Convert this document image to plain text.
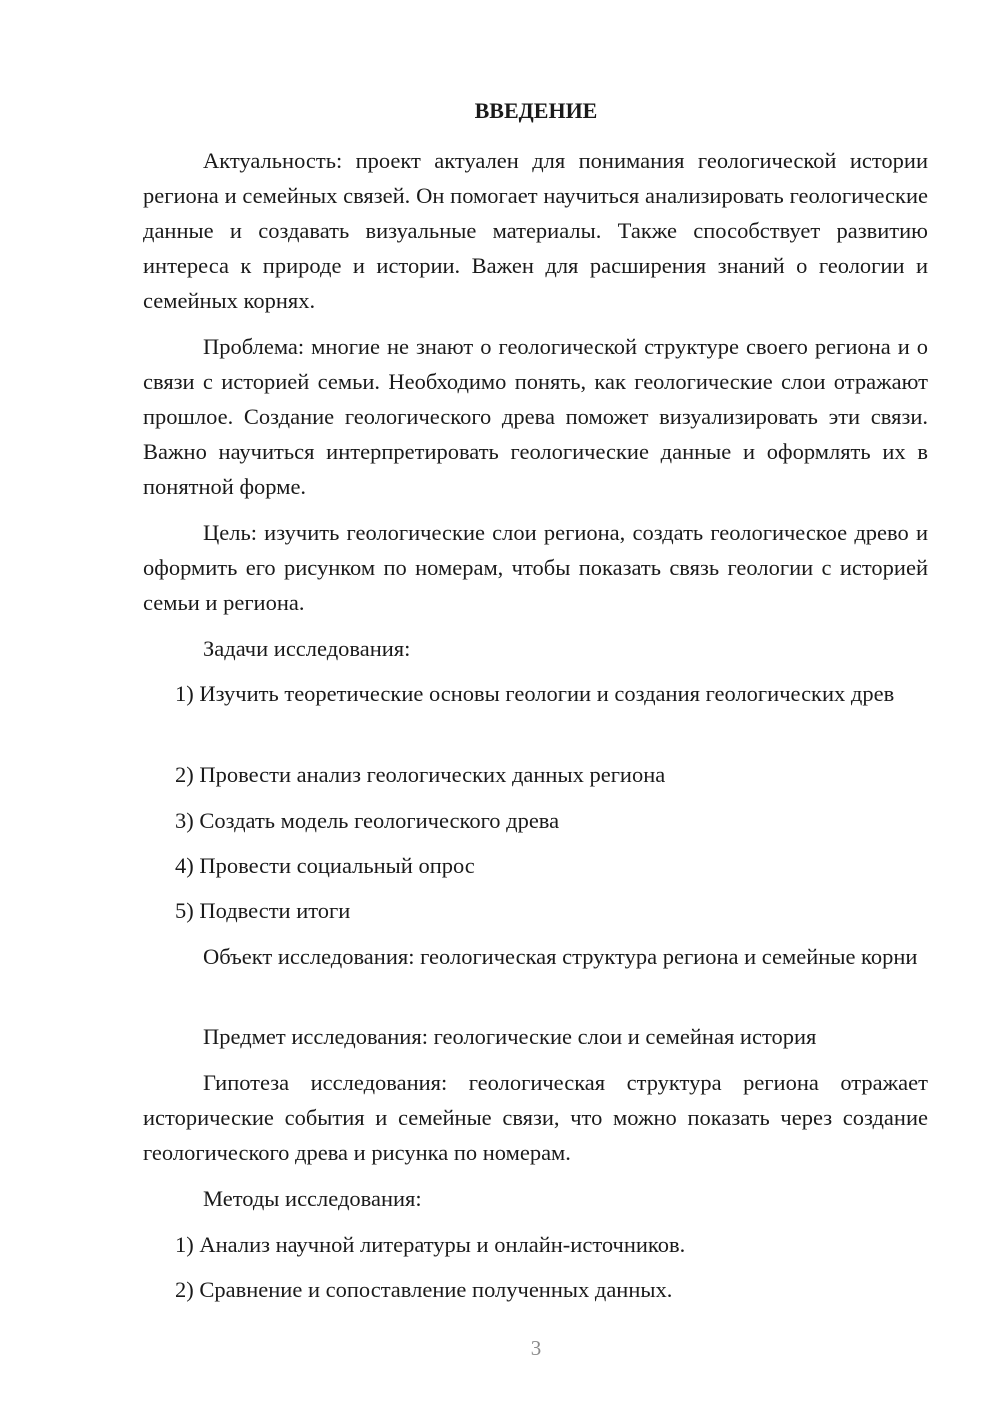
ВВЕДЕНИЕ

Актуальность: проект актуален для понимания геологической истории региона и семейных связей. Он помогает научиться анализировать геологические данные и создавать визуальные материалы. Также способствует развитию интереса к природе и истории. Важен для расширения знаний о геологии и семейных корнях.

Проблема: многие не знают о геологической структуре своего региона и о связи с историей семьи. Необходимо понять, как геологические слои отражают прошлое. Создание геологического древа поможет визуализировать эти связи. Важно научиться интерпретировать геологические данные и оформлять их в понятной форме.

Цель: изучить геологические слои региона, создать геологическое древо и оформить его рисунком по номерам, чтобы показать связь геологии с историей семьи и региона.

Задачи исследования:

1) Изучить теоретические основы геологии и создания геологических древ

2) Провести анализ геологических данных региона

3) Создать модель геологического древа

4) Провести социальный опрос

5) Подвести итоги

Объект исследования: геологическая структура региона и семейные корни

Предмет исследования: геологические слои и семейная история

Гипотеза исследования: геологическая структура региона отражает исторические события и семейные связи, что можно показать через создание геологического древа и рисунка по номерам.

Методы исследования:

1) Анализ научной литературы и онлайн-источников.

2) Сравнение и сопоставление полученных данных.

3
